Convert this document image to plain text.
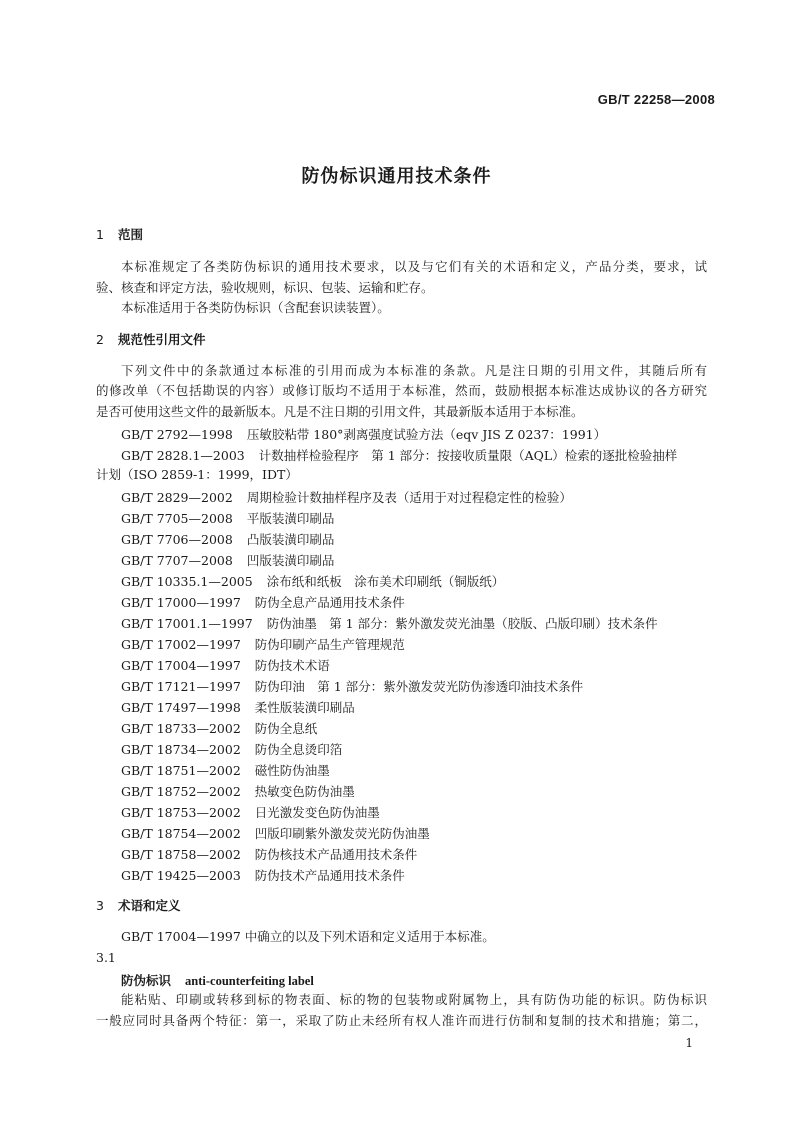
GB/T 22258—2008
防伪标识通用技术条件
1 范围
本标准规定了各类防伪标识的通用技术要求，以及与它们有关的术语和定义，产品分类，要求，试
验、核查和评定方法，验收规则，标识、包装、运输和贮存。
本标准适用于各类防伪标识（含配套识读装置）。
2 规范性引用文件
下列文件中的条款通过本标准的引用而成为本标准的条款。凡是注日期的引用文件，其随后所有
的修改单（不包括勘误的内容）或修订版均不适用于本标准，然而，鼓励根据本标准达成协议的各方研究
是否可使用这些文件的最新版本。凡是不注日期的引用文件，其最新版本适用于本标准。
GB/T 2792—1998 压敏胶粘带 180°剥离强度试验方法（eqv JIS Z 0237：1991）
GB/T 2828.1—2003 计数抽样检验程序　第 1 部分：按接收质量限（AQL）检索的逐批检验抽样
计划（ISO 2859-1：1999，IDT）
GB/T 2829—2002 周期检验计数抽样程序及表（适用于对过程稳定性的检验）
GB/T 7705—2008 平版装潢印刷品
GB/T 7706—2008 凸版装潢印刷品
GB/T 7707—2008 凹版装潢印刷品
GB/T 10335.1—2005 涂布纸和纸板　涂布美术印刷纸（铜版纸）
GB/T 17000—1997 防伪全息产品通用技术条件
GB/T 17001.1—1997 防伪油墨　第 1 部分：紫外激发荧光油墨（胶版、凸版印刷）技术条件
GB/T 17002—1997 防伪印刷产品生产管理规范
GB/T 17004—1997 防伪技术术语
GB/T 17121—1997 防伪印油　第 1 部分：紫外激发荧光防伪渗透印油技术条件
GB/T 17497—1998 柔性版装潢印刷品
GB/T 18733—2002 防伪全息纸
GB/T 18734—2002 防伪全息烫印箔
GB/T 18751—2002 磁性防伪油墨
GB/T 18752—2002 热敏变色防伪油墨
GB/T 18753—2002 日光激发变色防伪油墨
GB/T 18754—2002 凹版印刷紫外激发荧光防伪油墨
GB/T 18758—2002 防伪核技术产品通用技术条件
GB/T 19425—2003 防伪技术产品通用技术条件
3 术语和定义
GB/T 17004—1997 中确立的以及下列术语和定义适用于本标准。
3.1
防伪标识 anti-counterfeiting label
能粘贴、印刷或转移到标的物表面、标的物的包装物或附属物上，具有防伪功能的标识。防伪标识
一般应同时具备两个特征：第一，采取了防止未经所有权人准许而进行仿制和复制的技术和措施；第二，
1
